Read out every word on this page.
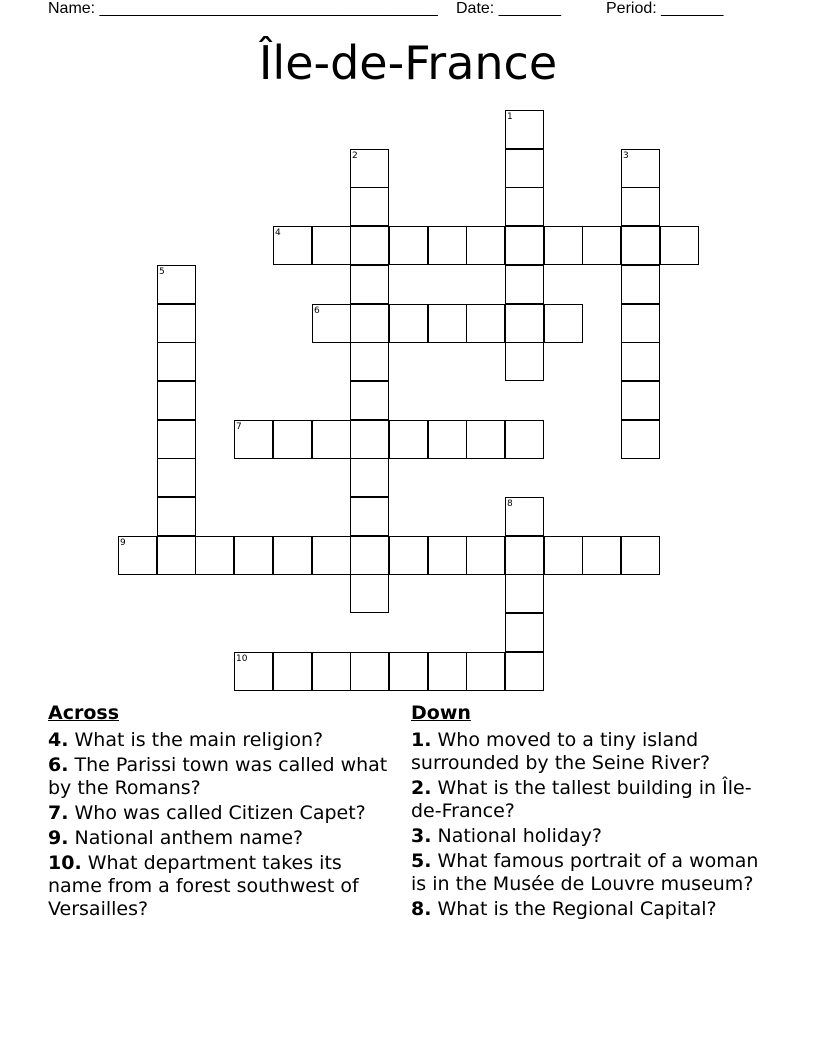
Name: ______________________________________ Date: _______	Period: _______
Île-de-France
1
2	3
4
5
6
7
8
9
10
Across
4. What is the main religion?
6. The Parissi town was called what by the Romans?
7. Who was called Citizen Capet?
9. National anthem name?
10. What department takes its name from a forest southwest of Versailles?
Down
1. Who moved to a tiny island surrounded by the Seine River?
2. What is the tallest building in Île-de-France?
3. National holiday?
5. What famous portrait of a woman is in the Musée de Louvre museum?
8. What is the Regional Capital?
